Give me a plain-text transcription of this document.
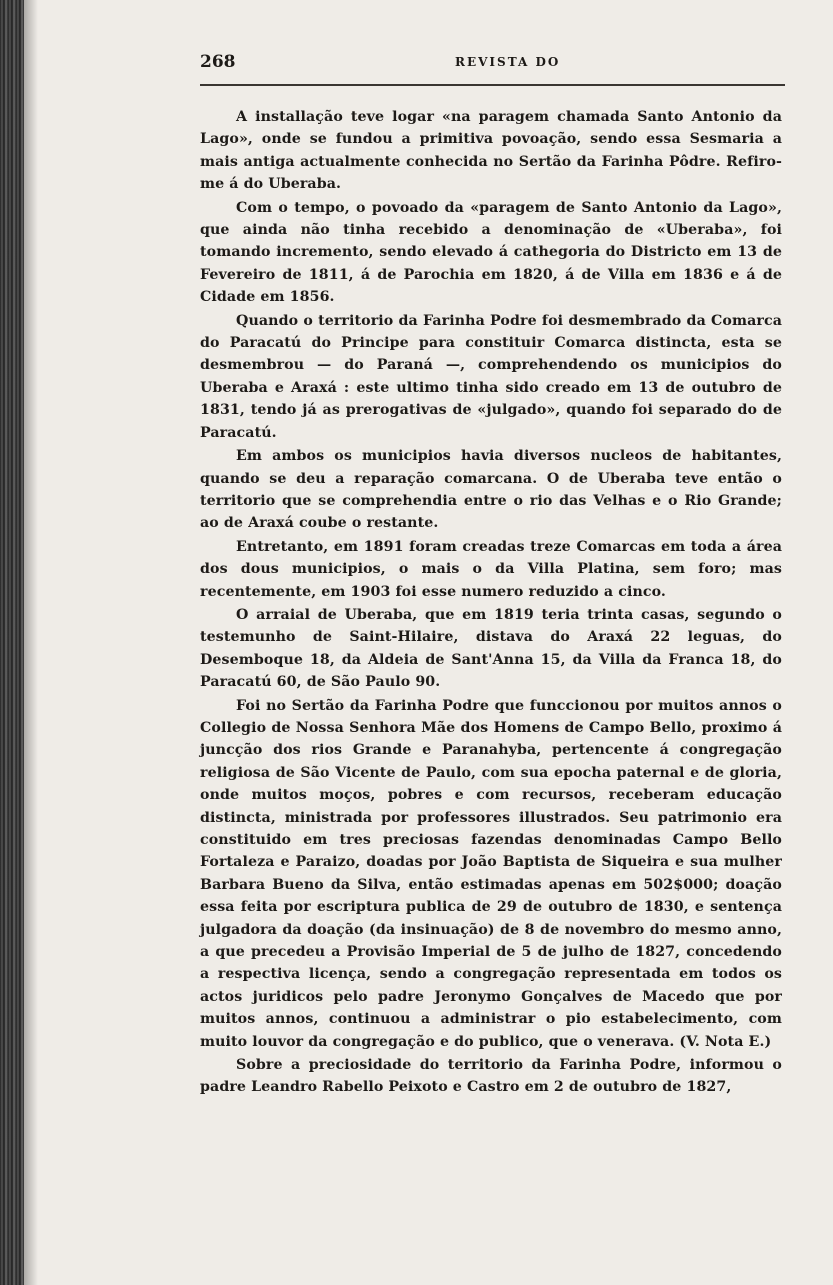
268	REVISTA DO

A installação teve logar «na paragem chamada Santo Antonio da Lago», onde se fundou a primitiva povoação, sendo essa Sesmaria a mais antiga actualmente conhecida no Sertão da Farinha Pôdre. Refiro-me á do Uberaba.

Com o tempo, o povoado da «paragem de Santo Antonio da Lago», que ainda não tinha recebido a denominação de «Uberaba», foi tomando incremento, sendo elevado á cathegoria do Districto em 13 de Fevereiro de 1811, á de Parochia em 1820, á de Villa em 1836 e á de Cidade em 1856.

Quando o territorio da Farinha Podre foi desmembrado da Comarca do Paracatú do Principe para constituir Comarca distincta, esta se desmembrou — do Paraná —, comprehendendo os municipios do Uberaba e Araxá : este ultimo tinha sido creado em 13 de outubro de 1831, tendo já as prerogativas de «julgado», quando foi separado do de Paracatú.

Em ambos os municipios havia diversos nucleos de habitantes, quando se deu a reparação comarcana. O de Uberaba teve então o territorio que se comprehendia entre o rio das Velhas e o Rio Grande; ao de Araxá coube o restante.

Entretanto, em 1891 foram creadas treze Comarcas em toda a área dos dous municipios, o mais o da Villa Platina, sem foro; mas recentemente, em 1903 foi esse numero reduzido a cinco.

O arraial de Uberaba, que em 1819 teria trinta casas, segundo o testemunho de Saint-Hilaire, distava do Araxá 22 leguas, do Desemboque 18, da Aldeia de Sant'Anna 15, da Villa da Franca 18, do Paracatú 60, de São Paulo 90.

Foi no Sertão da Farinha Podre que funccionou por muitos annos o Collegio de Nossa Senhora Mãe dos Homens de Campo Bello, proximo á juncção dos rios Grande e Paranahyba, pertencente á congregação religiosa de São Vicente de Paulo, com sua epocha paternal e de gloria, onde muitos moços, pobres e com recursos, receberam educação distincta, ministrada por professores illustrados. Seu patrimonio era constituido em tres preciosas fazendas denominadas Campo Bello Fortaleza e Paraizo, doadas por João Baptista de Siqueira e sua mulher Barbara Bueno da Silva, então estimadas apenas em 502$000; doação essa feita por escriptura publica de 29 de outubro de 1830, e sentença julgadora da doação (da insinuação) de 8 de novembro do mesmo anno, a que precedeu a Provisão Imperial de 5 de julho de 1827, concedendo a respectiva licença, sendo a congregação representada em todos os actos juridicos pelo padre Jeronymo Gonçalves de Macedo que por muitos annos, continuou a administrar o pio estabelecimento, com muito louvor da congregação e do publico, que o venerava. (V. Nota E.)

Sobre a preciosidade do territorio da Farinha Podre, informou o padre Leandro Rabello Peixoto e Castro em 2 de outubro de 1827,
